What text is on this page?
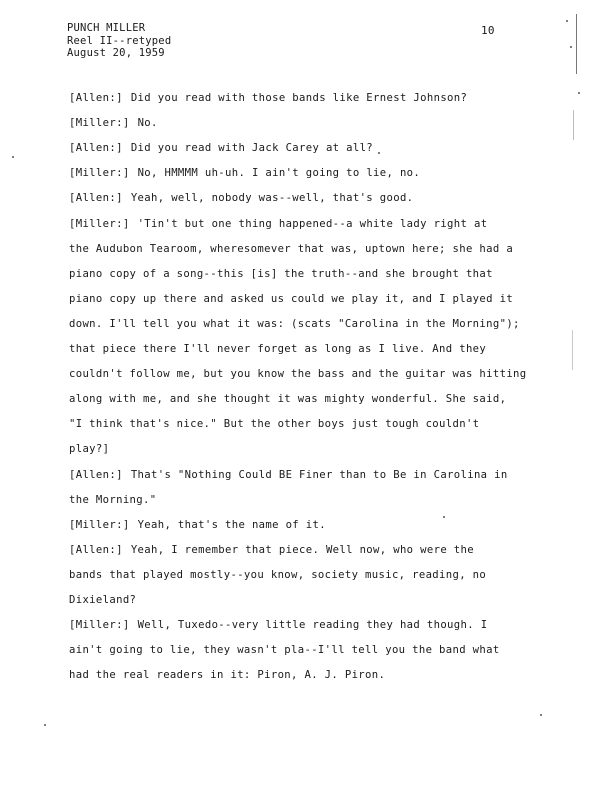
PUNCH MILLER
Reel II--retyped
August 20, 1959
10
[Allen:] Did you read with those bands like Ernest Johnson?
[Miller:] No.
[Allen:] Did you read with Jack Carey at all?
[Miller:] No, HMMMM uh-uh. I ain't going to lie, no.
[Allen:] Yeah, well, nobody was--well, that's good.
[Miller:] 'Tin't but one thing happened--a white lady right at
the Audubon Tearoom, wheresomever that was, uptown here; she had a
piano copy of a song--this [is] the truth--and she brought that
piano copy up there and asked us could we play it, and I played it
down. I'll tell you what it was: (scats "Carolina in the Morning");
that piece there I'll never forget as long as I live. And they
couldn't follow me, but you know the bass and the guitar was hitting
along with me, and she thought it was mighty wonderful. She said,
"I think that's nice." But the other boys just tough couldn't
play?]
[Allen:] That's "Nothing Could BE Finer than to Be in Carolina in
the Morning."
[Miller:] Yeah, that's the name of it.
[Allen:] Yeah, I remember that piece. Well now, who were the
bands that played mostly--you know, society music, reading, no
Dixieland?
[Miller:] Well, Tuxedo--very little reading they had though. I
ain't going to lie, they wasn't pla--I'll tell you the band what
had the real readers in it: Piron, A. J. Piron.
